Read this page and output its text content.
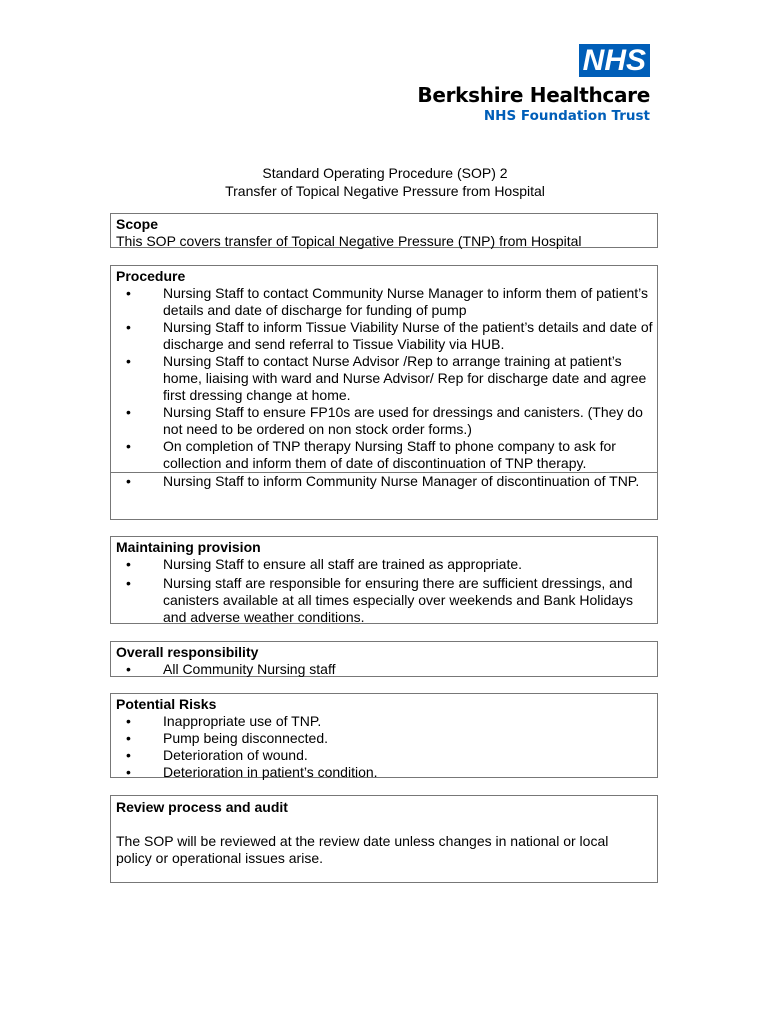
NHS
Berkshire Healthcare
NHS Foundation Trust
Standard Operating Procedure (SOP) 2
Transfer of Topical Negative Pressure from Hospital
Scope
This SOP covers transfer of Topical Negative Pressure (TNP) from Hospital
Procedure
• Nursing Staff to contact Community Nurse Manager to inform them of patient’s details and date of discharge for funding of pump
• Nursing Staff to inform Tissue Viability Nurse of the patient’s details and date of discharge and send referral to Tissue Viability via HUB.
• Nursing Staff to contact Nurse Advisor /Rep to arrange training at patient’s home, liaising with ward and Nurse Advisor/ Rep for discharge date and agree first dressing change at home.
• Nursing Staff to ensure FP10s are used for dressings and canisters. (They do not need to be ordered on non stock order forms.)
• On completion of TNP therapy Nursing Staff to phone company to ask for collection and inform them of date of discontinuation of TNP therapy.
• Nursing Staff to inform Community Nurse Manager of discontinuation of TNP.
Maintaining provision
• Nursing Staff to ensure all staff are trained as appropriate.
• Nursing staff are responsible for ensuring there are sufficient dressings, and canisters available at all times especially over weekends and Bank Holidays and adverse weather conditions.
Overall responsibility
• All Community Nursing staff
Potential Risks
• Inappropriate use of TNP.
• Pump being disconnected.
• Deterioration of wound.
• Deterioration in patient’s condition.
Review process and audit
The SOP will be reviewed at the review date unless changes in national or local policy or operational issues arise.
